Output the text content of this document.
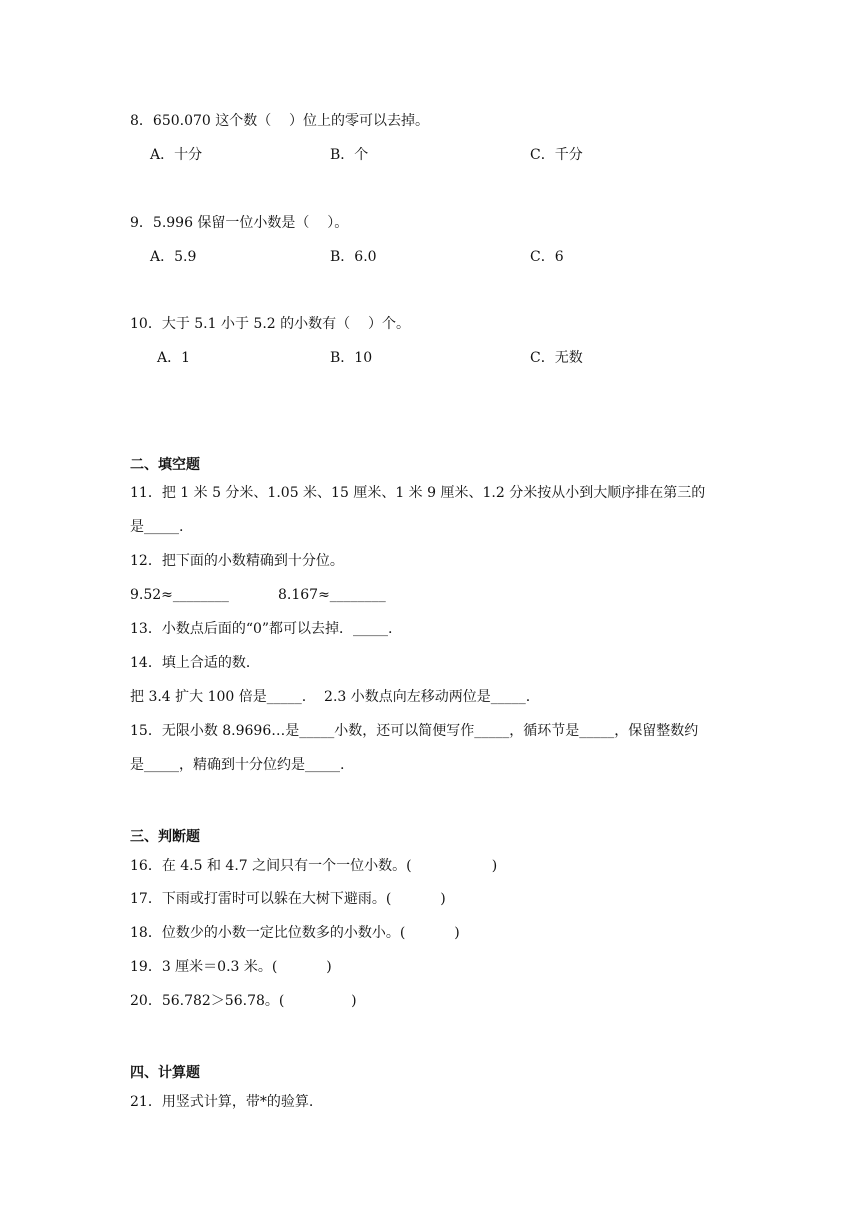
8．650.070 这个数（    ）位上的零可以去掉。
A．十分	B．个	C．千分
9．5.996 保留一位小数是（    ）。
A．5.9	B．6.0	C．6
10．大于 5.1 小于 5.2 的小数有（    ）个。
A．1	B．10	C．无数
二、填空题
11．把 1 米 5 分米、1.05 米、15 厘米、1 米 9 厘米、1.2 分米按从小到大顺序排在第三的
是_____.
12．把下面的小数精确到十分位。
9.52≈________	8.167≈________
13．小数点后面的“0”都可以去掉．_____.
14．填上合适的数．
把 3.4 扩大 100 倍是_____.    2.3 小数点向左移动两位是_____.
15．无限小数 8.9696…是_____小数，还可以简便写作_____，循环节是_____，保留整数约
是_____，精确到十分位约是_____.
三、判断题
16．在 4.5 和 4.7 之间只有一个一位小数。(                  )
17．下雨或打雷时可以躲在大树下避雨。(           )
18．位数少的小数一定比位数多的小数小。(           )
19．3 厘米＝0.3 米。(           )
20．56.782＞56.78。(               )
四、计算题
21．用竖式计算，带*的验算.
